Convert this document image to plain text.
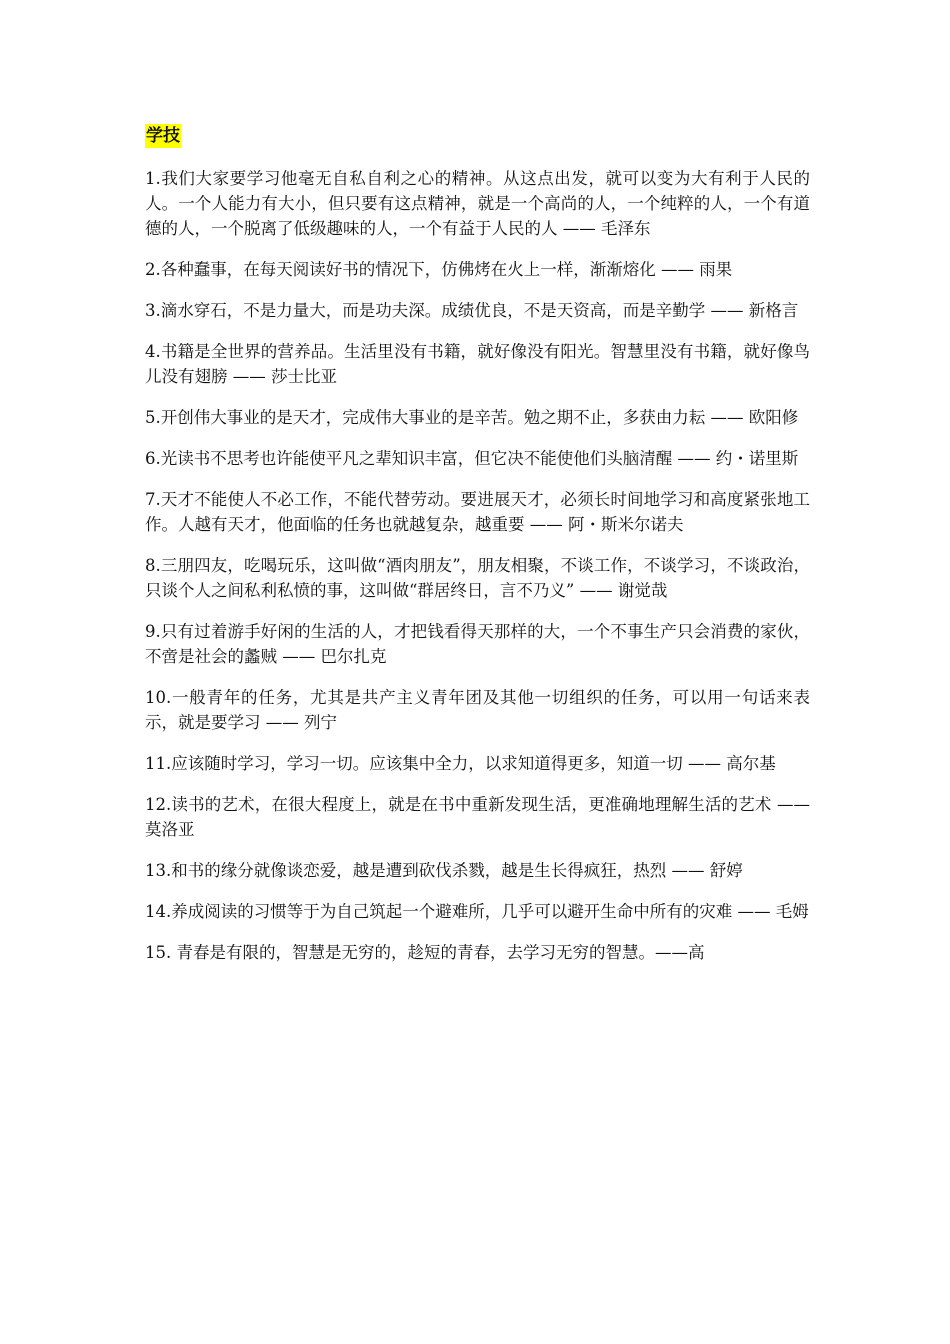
学技

1.我们大家要学习他毫无自私自利之心的精神。从这点出发，就可以变为大有利于人民的人。一个人能力有大小，但只要有这点精神，就是一个高尚的人，一个纯粹的人，一个有道德的人，一个脱离了低级趣味的人，一个有益于人民的人 —— 毛泽东

2.各种蠢事，在每天阅读好书的情况下，仿佛烤在火上一样，渐渐熔化 —— 雨果

3.滴水穿石，不是力量大，而是功夫深。成绩优良，不是天资高，而是辛勤学 —— 新格言

4.书籍是全世界的营养品。生活里没有书籍，就好像没有阳光。智慧里没有书籍，就好像鸟　　儿没有翅膀 —— 莎士比亚

5.开创伟大事业的是天才，完成伟大事业的是辛苦。勉之期不止，多获由力耘 —— 欧阳修

6.光读书不思考也许能使平凡之辈知识丰富，但它决不能使他们头脑清醒 —— 约・诺里斯

7.天才不能使人不必工作，不能代替劳动。要进展天才，必须长时间地学习和高度紧张地工作。人越有天才，他面临的任务也就越复杂，越重要 —— 阿・斯米尔诺夫

8.三朋四友，吃喝玩乐，这叫做“酒肉朋友”，朋友相聚，不谈工作，不谈学习，不谈政治，只谈个人之间私利私愤的事，这叫做“群居终日，言不乃义” —— 谢觉哉

9.只有过着游手好闲的生活的人，才把钱看得天那样的大，一个不事生产只会消费的家伙，不啻是社会的蠡贼 —— 巴尔扎克

10.一般青年的任务，尤其是共产主义青年团及其他一切组织的任务，可以用一句话来表示，就是要学习 —— 列宁

11.应该随时学习，学习一切。应该集中全力，以求知道得更多，知道一切 —— 高尔基

12.读书的艺术，在很大程度上，就是在书中重新发现生活，更准确地理解生活的艺术 —— 莫洛亚

13.和书的缘分就像谈恋爱，越是遭到砍伐杀戮，越是生长得疯狂，热烈 —— 舒婷

14.养成阅读的习惯等于为自己筑起一个避难所，几乎可以避开生命中所有的灾难 —— 毛姆

15. 青春是有限的，智慧是无穷的，趁短的青春，去学习无穷的智慧。——高
